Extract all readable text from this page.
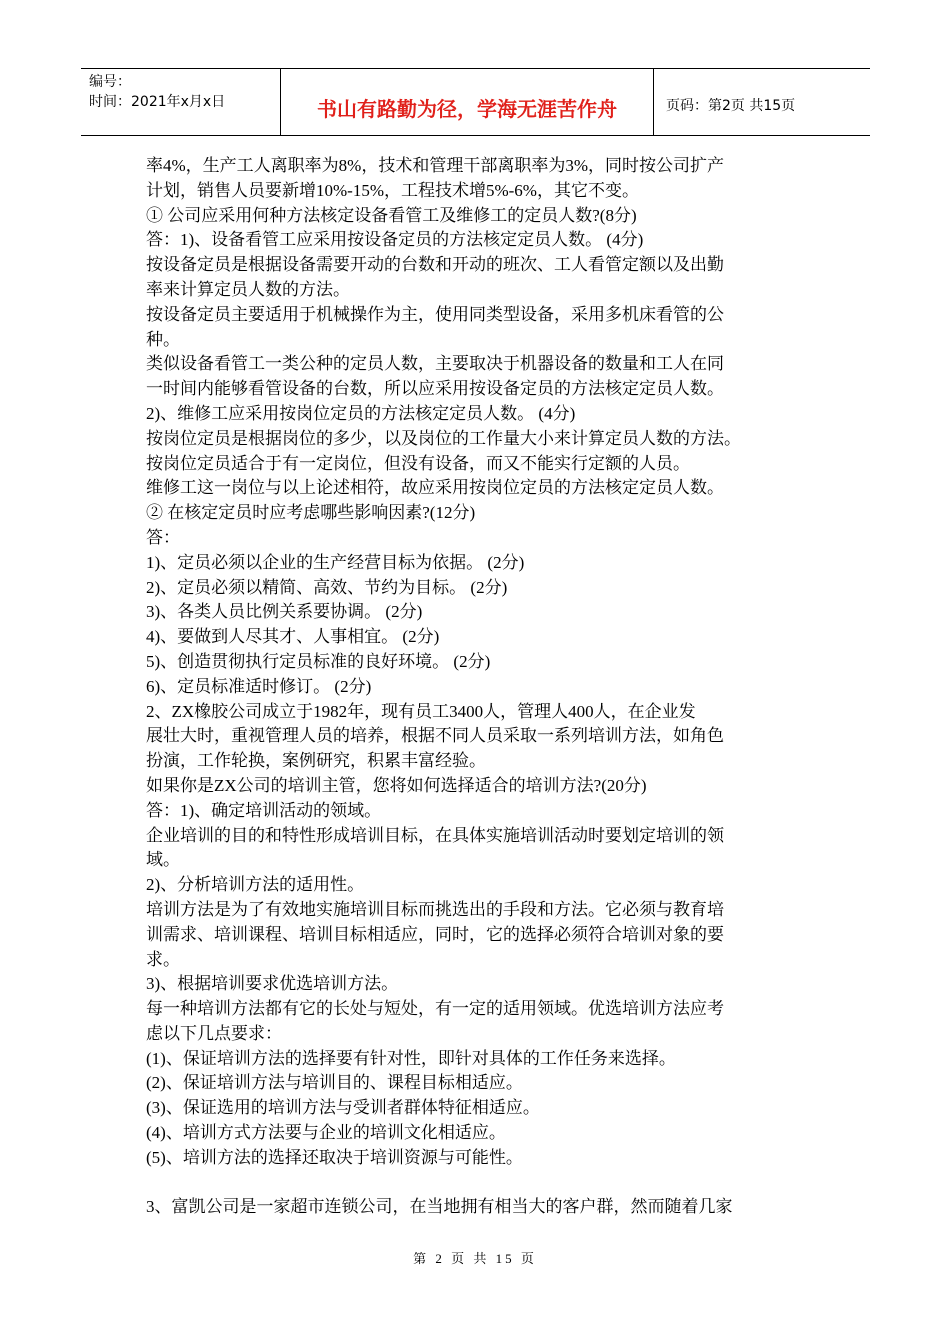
编号：
时间：2021年x月x日	书山有路勤为径，学海无涯苦作舟	页码：第2页 共15页
率4%，生产工人离职率为8%，技术和管理干部离职率为3%，同时按公司扩产
计划，销售人员要新增10%-15%，工程技术增5%-6%，其它不变。
① 公司应采用何种方法核定设备看管工及维修工的定员人数?(8分)
答：1)、设备看管工应采用按设备定员的方法核定定员人数。 (4分)
按设备定员是根据设备需要开动的台数和开动的班次、工人看管定额以及出勤
率来计算定员人数的方法。
按设备定员主要适用于机械操作为主，使用同类型设备，采用多机床看管的公
种。
类似设备看管工一类公种的定员人数，主要取决于机器设备的数量和工人在同
一时间内能够看管设备的台数，所以应采用按设备定员的方法核定定员人数。
2)、维修工应采用按岗位定员的方法核定定员人数。 (4分)
按岗位定员是根据岗位的多少，以及岗位的工作量大小来计算定员人数的方法。
按岗位定员适合于有一定岗位，但没有设备，而又不能实行定额的人员。
维修工这一岗位与以上论述相符，故应采用按岗位定员的方法核定定员人数。
② 在核定定员时应考虑哪些影响因素?(12分)
答：
1)、定员必须以企业的生产经营目标为依据。 (2分)
2)、定员必须以精简、高效、节约为目标。 (2分)
3)、各类人员比例关系要协调。 (2分)
4)、要做到人尽其才、人事相宜。 (2分)
5)、创造贯彻执行定员标准的良好环境。 (2分)
6)、定员标准适时修订。 (2分)
2、ZX橡胶公司成立于1982年，现有员工3400人，管理人400人，在企业发
展壮大时，重视管理人员的培养，根据不同人员采取一系列培训方法，如角色
扮演，工作轮换，案例研究，积累丰富经验。
如果你是ZX公司的培训主管，您将如何选择适合的培训方法?(20分)
答：1)、确定培训活动的领域。
企业培训的目的和特性形成培训目标，在具体实施培训活动时要划定培训的领
域。
2)、分析培训方法的适用性。
培训方法是为了有效地实施培训目标而挑选出的手段和方法。它必须与教育培
训需求、培训课程、培训目标相适应，同时，它的选择必须符合培训对象的要
求。
3)、根据培训要求优选培训方法。
每一种培训方法都有它的长处与短处，有一定的适用领域。优选培训方法应考
虑以下几点要求：
(1)、保证培训方法的选择要有针对性，即针对具体的工作任务来选择。
(2)、保证培训方法与培训目的、课程目标相适应。
(3)、保证选用的培训方法与受训者群体特征相适应。
(4)、培训方式方法要与企业的培训文化相适应。
(5)、培训方法的选择还取决于培训资源与可能性。
3、富凯公司是一家超市连锁公司，在当地拥有相当大的客户群，然而随着几家
第 2 页 共 15 页
